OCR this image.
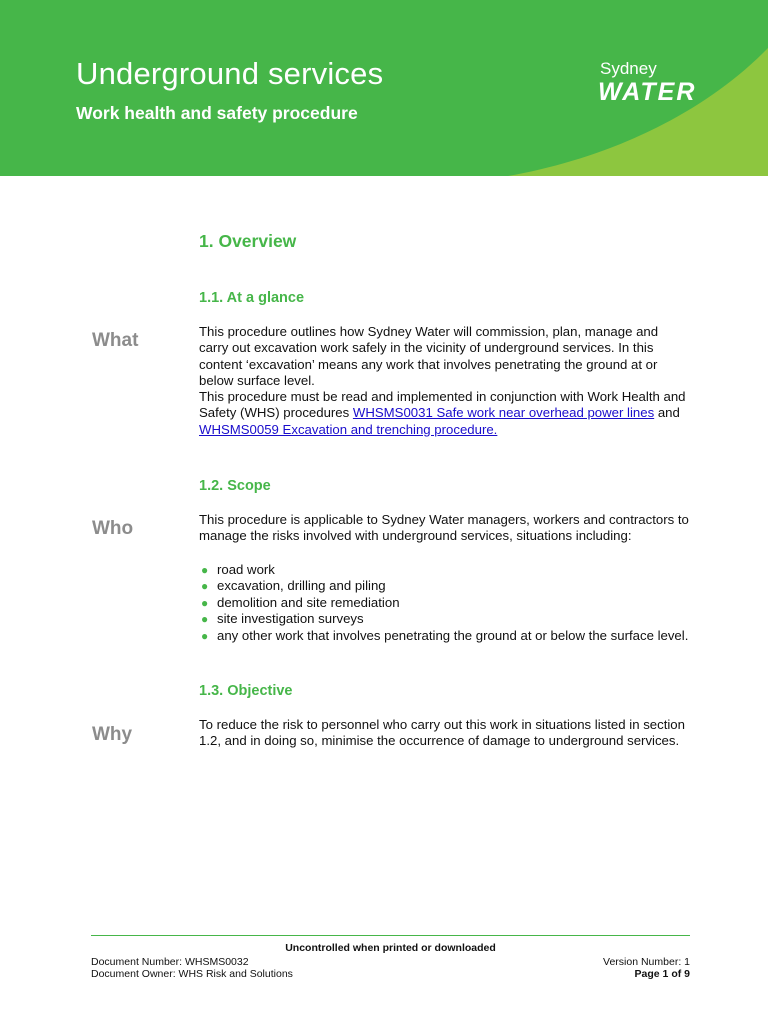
Underground services

Work health and safety procedure

Sydney
WATER
1. Overview
1.1. At a glance

What	This procedure outlines how Sydney Water will commission, plan, manage and carry out excavation work safely in the vicinity of underground services. In this content ‘excavation’ means any work that involves penetrating the ground at or below surface level.

This procedure must be read and implemented in conjunction with Work Health and Safety (WHS) procedures WHSMS0031 Safe work near overhead power lines and WHSMS0059 Excavation and trenching procedure.

1.2. Scope

Who	This procedure is applicable to Sydney Water managers, workers and contractors to manage the risks involved with underground services, situations including:

● road work
● excavation, drilling and piling
● demolition and site remediation
● site investigation surveys
● any other work that involves penetrating the ground at or below the surface level.
1.3. Objective

Why	To reduce the risk to personnel who carry out this work in situations listed in section 1.2, and in doing so, minimise the occurrence of damage to underground services.

Uncontrolled when printed or downloaded

Document Number: WHSMS0032

Document Owner: WHS Risk and Solutions

Version Number: 1

Page 1 of 9
